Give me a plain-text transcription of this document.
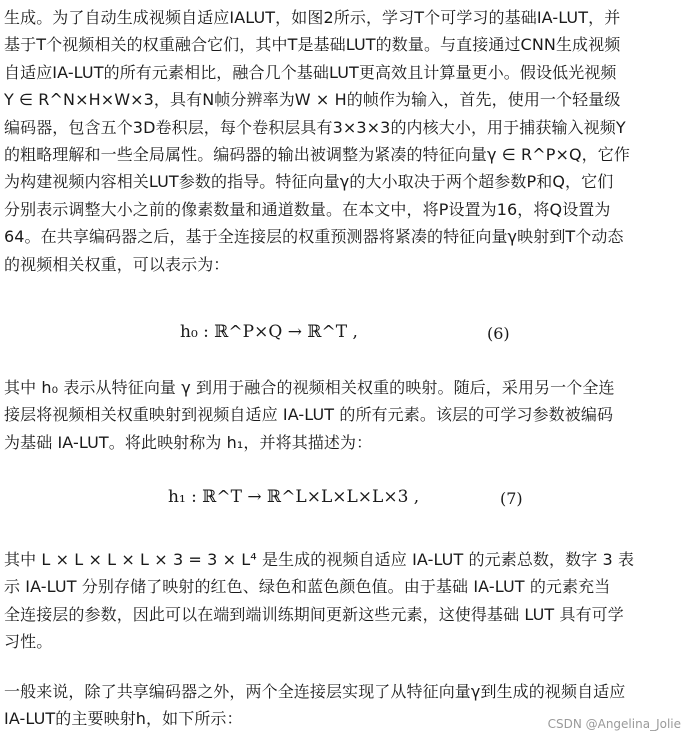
生成。为了自动生成视频自适应IALUT，如图2所示，学习T个可学习的基础IA-LUT，并
基于T个视频相关的权重融合它们，其中T是基础LUT的数量。与直接通过CNN生成视频
自适应IA-LUT的所有元素相比，融合几个基础LUT更高效且计算量更小。假设低光视频
Y ∈ R^N×H×W×3，具有N帧分辨率为W × H的帧作为输入，首先，使用一个轻量级
编码器，包含五个3D卷积层，每个卷积层具有3×3×3的内核大小，用于捕获输入视频Y
的粗略理解和一些全局属性。编码器的输出被调整为紧凑的特征向量γ ∈ R^P×Q，它作
为构建视频内容相关LUT参数的指导。特征向量γ的大小取决于两个超参数P和Q，它们
分别表示调整大小之前的像素数量和通道数量。在本文中，将P设置为16，将Q设置为
64。在共享编码器之后，基于全连接层的权重预测器将紧凑的特征向量γ映射到T个动态
的视频相关权重，可以表示为：
h₀ : ℝ^P×Q → ℝ^T ,	(6)
其中 h₀ 表示从特征向量 γ 到用于融合的视频相关权重的映射。随后，采用另一个全连
接层将视频相关权重映射到视频自适应 IA-LUT 的所有元素。该层的可学习参数被编码
为基础 IA-LUT。将此映射称为 h₁，并将其描述为：
h₁ : ℝ^T → ℝ^L×L×L×L×3 ,	(7)
其中 L × L × L × L × 3 = 3 × L⁴ 是生成的视频自适应 IA-LUT 的元素总数，数字 3 表
示 IA-LUT 分别存储了映射的红色、绿色和蓝色颜色值。由于基础 IA-LUT 的元素充当
全连接层的参数，因此可以在端到端训练期间更新这些元素，这使得基础 LUT 具有可学
习性。
一般来说，除了共享编码器之外，两个全连接层实现了从特征向量γ到生成的视频自适应
IA-LUT的主要映射h，如下所示：	CSDN @Angelina_Jolie
